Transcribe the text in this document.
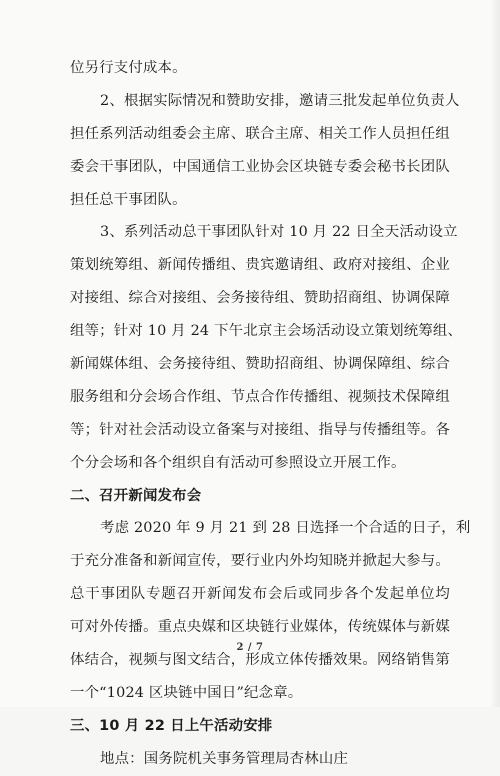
位另行支付成本。
2、根据实际情况和赞助安排，邀请三批发起单位负责人
担任系列活动组委会主席、联合主席、相关工作人员担任组
委会干事团队，中国通信工业协会区块链专委会秘书长团队
担任总干事团队。
3、系列活动总干事团队针对 10 月 22 日全天活动设立
策划统筹组、新闻传播组、贵宾邀请组、政府对接组、企业
对接组、综合对接组、会务接待组、赞助招商组、协调保障
组等；针对 10 月 24 下午北京主会场活动设立策划统筹组、
新闻媒体组、会务接待组、赞助招商组、协调保障组、综合
服务组和分会场合作组、节点合作传播组、视频技术保障组
等；针对社会活动设立备案与对接组、指导与传播组等。各
个分会场和各个组织自有活动可参照设立开展工作。
二、召开新闻发布会
考虑 2020 年 9 月 21 到 28 日选择一个合适的日子，利
于充分准备和新闻宣传，要行业内外均知晓并掀起大参与。
总干事团队专题召开新闻发布会后或同步各个发起单位均
可对外传播。重点央媒和区块链行业媒体，传统媒体与新媒
体结合，视频与图文结合，形成立体传播效果。网络销售第
一个“1024 区块链中国日”纪念章。
三、10 月 22 日上午活动安排
地点：国务院机关事务管理局杏林山庄
2 / 7
